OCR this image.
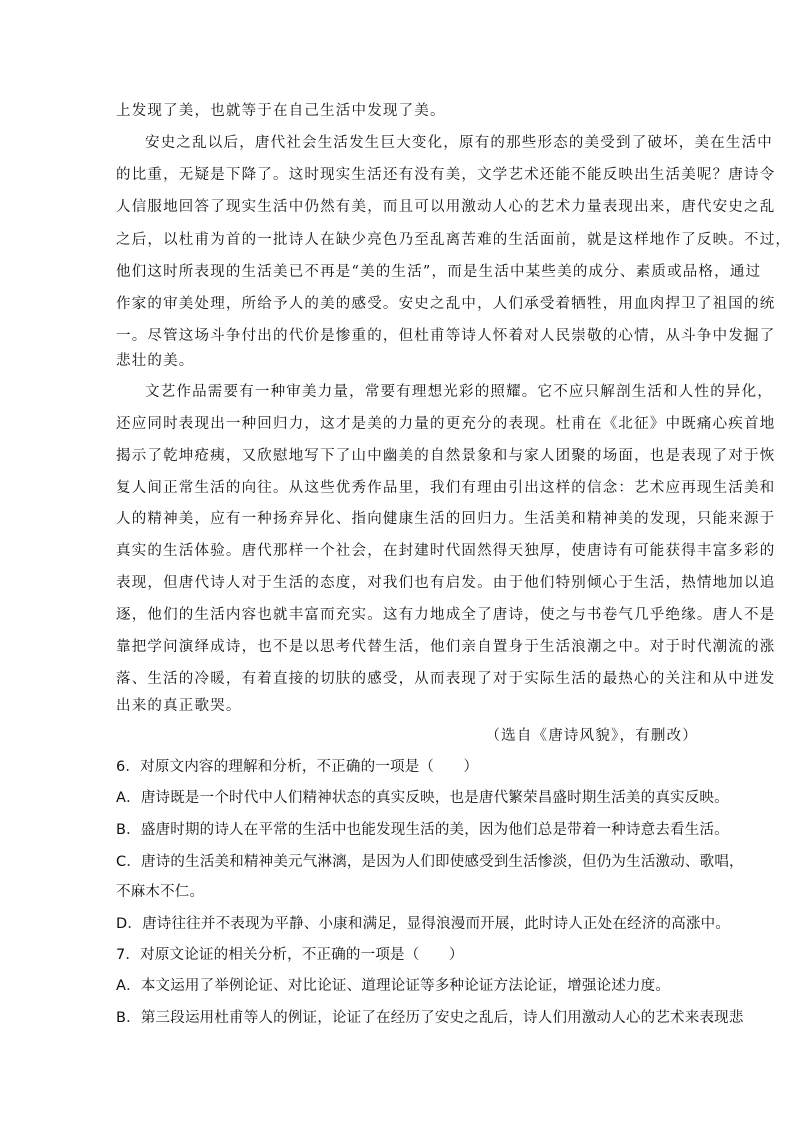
上发现了美，也就等于在自己生活中发现了美。
安史之乱以后，唐代社会生活发生巨大变化，原有的那些形态的美受到了破坏，美在生活中
的比重，无疑是下降了。这时现实生活还有没有美，文学艺术还能不能反映出生活美呢？唐诗令
人信服地回答了现实生活中仍然有美，而且可以用激动人心的艺术力量表现出来，唐代安史之乱
之后，以杜甫为首的一批诗人在缺少亮色乃至乱离苦难的生活面前，就是这样地作了反映。不过，
他们这时所表现的生活美已不再是“美的生活”，而是生活中某些美的成分、素质或品格，通过
作家的审美处理，所给予人的美的感受。安史之乱中，人们承受着牺牲，用血肉捍卫了祖国的统
一。尽管这场斗争付出的代价是惨重的，但杜甫等诗人怀着对人民崇敬的心情，从斗争中发掘了
悲壮的美。
文艺作品需要有一种审美力量，常要有理想光彩的照耀。它不应只解剖生活和人性的异化，
还应同时表现出一种回归力，这才是美的力量的更充分的表现。杜甫在《北征》中既痛心疾首地
揭示了乾坤疮痍，又欣慰地写下了山中幽美的自然景象和与家人团聚的场面，也是表现了对于恢
复人间正常生活的向往。从这些优秀作品里，我们有理由引出这样的信念：艺术应再现生活美和
人的精神美，应有一种扬弃异化、指向健康生活的回归力。生活美和精神美的发现，只能来源于
真实的生活体验。唐代那样一个社会，在封建时代固然得天独厚，使唐诗有可能获得丰富多彩的
表现，但唐代诗人对于生活的态度，对我们也有启发。由于他们特别倾心于生活，热情地加以追
逐，他们的生活内容也就丰富而充实。这有力地成全了唐诗，使之与书卷气几乎绝缘。唐人不是
靠把学问演绎成诗，也不是以思考代替生活，他们亲自置身于生活浪潮之中。对于时代潮流的涨
落、生活的冷暖，有着直接的切肤的感受，从而表现了对于实际生活的最热心的关注和从中迸发
出来的真正歌哭。
（选自《唐诗风貌》，有删改）
6．对原文内容的理解和分析，不正确的一项是（　　）
A．唐诗既是一个时代中人们精神状态的真实反映，也是唐代繁荣昌盛时期生活美的真实反映。
B．盛唐时期的诗人在平常的生活中也能发现生活的美，因为他们总是带着一种诗意去看生活。
C．唐诗的生活美和精神美元气淋漓，是因为人们即使感受到生活惨淡，但仍为生活激动、歌唱，
不麻木不仁。
D．唐诗往往并不表现为平静、小康和满足，显得浪漫而开展，此时诗人正处在经济的高涨中。
7．对原文论证的相关分析，不正确的一项是（　　）
A．本文运用了举例论证、对比论证、道理论证等多种论证方法论证，增强论述力度。
B．第三段运用杜甫等人的例证，论证了在经历了安史之乱后，诗人们用激动人心的艺术来表现悲
